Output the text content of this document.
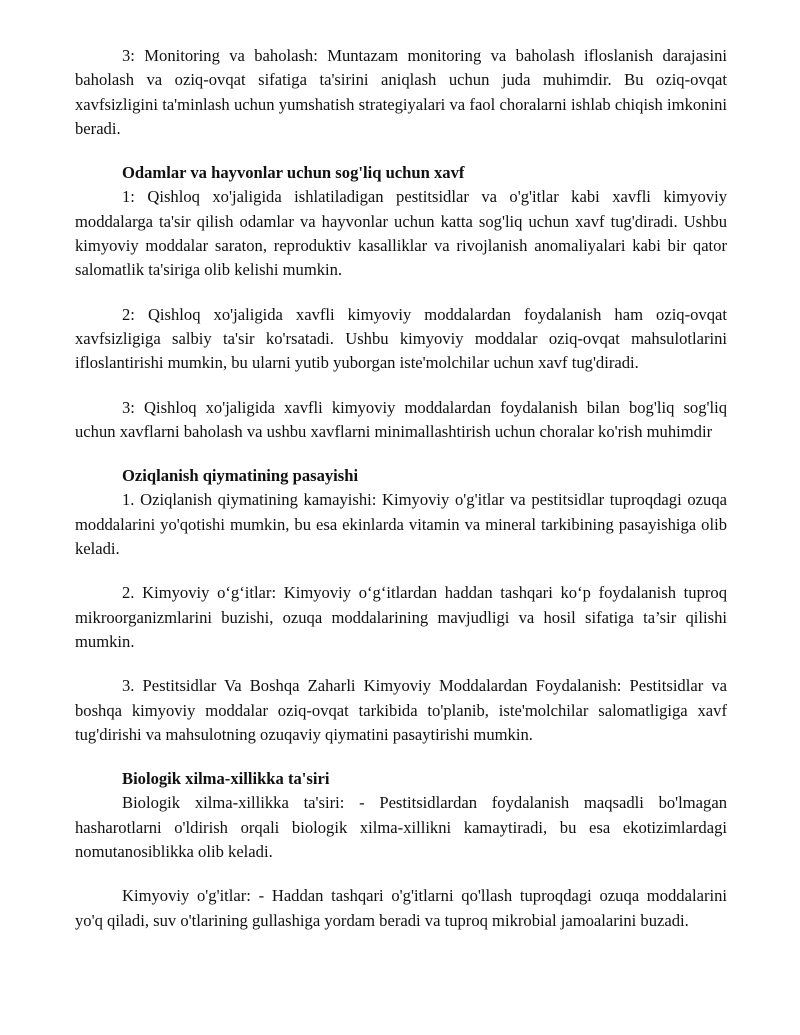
3: Monitoring va baholash: Muntazam monitoring va baholash ifloslanish darajasini baholash va oziq-ovqat sifatiga ta'sirini aniqlash uchun juda muhimdir. Bu oziq-ovqat xavfsizligini ta'minlash uchun yumshatish strategiyalari va faol choralarni ishlab chiqish imkonini beradi.

Odamlar va hayvonlar uchun sog'liq uchun xavf

1: Qishloq xo'jaligida ishlatiladigan pestitsidlar va o'g'itlar kabi xavfli kimyoviy moddalarga ta'sir qilish odamlar va hayvonlar uchun katta sog'liq uchun xavf tug'diradi. Ushbu kimyoviy moddalar saraton, reproduktiv kasalliklar va rivojlanish anomaliyalari kabi bir qator salomatlik ta'siriga olib kelishi mumkin.

2: Qishloq xo'jaligida xavfli kimyoviy moddalardan foydalanish ham oziq-ovqat xavfsizligiga salbiy ta'sir ko'rsatadi. Ushbu kimyoviy moddalar oziq-ovqat mahsulotlarini ifloslantirishi mumkin, bu ularni yutib yuborgan iste'molchilar uchun xavf tug'diradi.

3: Qishloq xo'jaligida xavfli kimyoviy moddalardan foydalanish bilan bog'liq sog'liq uchun xavflarni baholash va ushbu xavflarni minimallashtirish uchun choralar ko'rish muhimdir

Oziqlanish qiymatining pasayishi

1. Oziqlanish qiymatining kamayishi: Kimyoviy o'g'itlar va pestitsidlar tuproqdagi ozuqa moddalarini yo'qotishi mumkin, bu esa ekinlarda vitamin va mineral tarkibining pasayishiga olib keladi.

2. Kimyoviy o‘g‘itlar: Kimyoviy o‘g‘itlardan haddan tashqari ko‘p foydalanish tuproq mikroorganizmlarini buzishi, ozuqa moddalarining mavjudligi va hosil sifatiga ta’sir qilishi mumkin.

3. Pestitsidlar Va Boshqa Zaharli Kimyoviy Moddalardan Foydalanish: Pestitsidlar va boshqa kimyoviy moddalar oziq-ovqat tarkibida to'planib, iste'molchilar salomatligiga xavf tug'dirishi va mahsulotning ozuqaviy qiymatini pasaytirishi mumkin.

Biologik xilma-xillikka ta'siri

Biologik xilma-xillikka ta'siri: - Pestitsidlardan foydalanish maqsadli bo'lmagan hasharotlarni o'ldirish orqali biologik xilma-xillikni kamaytiradi, bu esa ekotizimlardagi nomutanosiblikka olib keladi.

Kimyoviy o'g'itlar: - Haddan tashqari o'g'itlarni qo'llash tuproqdagi ozuqa moddalarini yo'q qiladi, suv o'tlarining gullashiga yordam beradi va tuproq mikrobial jamoalarini buzadi.
